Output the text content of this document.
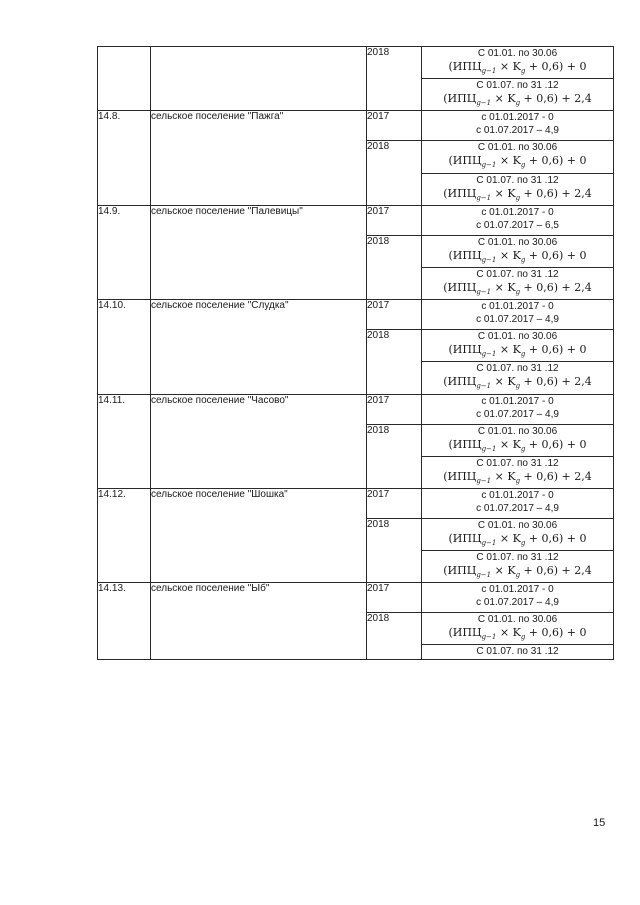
		2018	С 01.01. по 30.06
$(ИПЦ_{g-1} \times K_g + 0,6) + 0$

			С 01.07. по 31 .12
$(ИПЦ_{g-1} \times K_g + 0,6) + 2,4$

14.8.	сельское поселение "Пажга"	2017	с 01.01.2017 - 0
с 01.07.2017 – 4,9

		2018	С 01.01. по 30.06
$(ИПЦ_{g-1} \times K_g + 0,6) + 0$

			С 01.07. по 31 .12
$(ИПЦ_{g-1} \times K_g + 0,6) + 2,4$

14.9.	сельское поселение "Палевицы"	2017	с 01.01.2017 - 0
с 01.07.2017 – 6,5

		2018	С 01.01. по 30.06
$(ИПЦ_{g-1} \times K_g + 0,6) + 0$

			С 01.07. по 31 .12
$(ИПЦ_{g-1} \times K_g + 0,6) + 2,4$

14.10.	сельское поселение "Слудка"	2017	с 01.01.2017 - 0
с 01.07.2017 – 4,9

		2018	С 01.01. по 30.06
$(ИПЦ_{g-1} \times K_g + 0,6) + 0$

			С 01.07. по 31 .12
$(ИПЦ_{g-1} \times K_g + 0,6) + 2,4$

14.11.	сельское поселение "Часово"	2017	с 01.01.2017 - 0
с 01.07.2017 – 4,9

		2018	С 01.01. по 30.06
$(ИПЦ_{g-1} \times K_g + 0,6) + 0$

			С 01.07. по 31 .12
$(ИПЦ_{g-1} \times K_g + 0,6) + 2,4$

14.12.	сельское поселение "Шошка"	2017	с 01.01.2017 - 0
с 01.07.2017 – 4,9

		2018	С 01.01. по 30.06
$(ИПЦ_{g-1} \times K_g + 0,6) + 0$

			С 01.07. по 31 .12
$(ИПЦ_{g-1} \times K_g + 0,6) + 2,4$

14.13.	сельское поселение "Ыб"	2017	с 01.01.2017 - 0
с 01.07.2017 – 4,9

		2018	С 01.01. по 30.06
$(ИПЦ_{g-1} \times K_g + 0,6) + 0$

			С 01.07. по 31 .12
15
